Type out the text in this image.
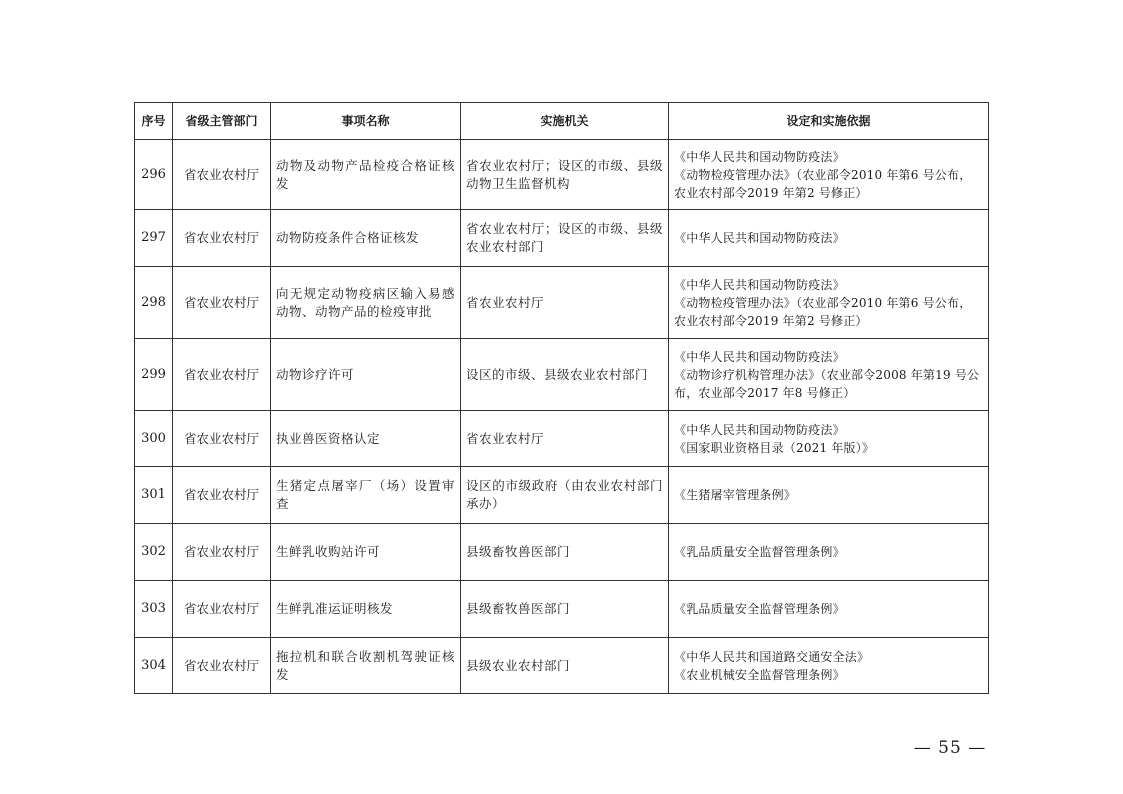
序号	省级主管部门	事项名称	实施机关	设定和实施依据
296	省农业农村厅	动物及动物产品检疫合格证核发	省农业农村厅；设区的市级、县级动物卫生监督机构	《中华人民共和国动物防疫法》
《动物检疫管理办法》（农业部令2010 年第6 号公布，农业农村部令2019 年第2 号修正）

297	省农业农村厅	动物防疫条件合格证核发	省农业农村厅；设区的市级、县级农业农村部门	《中华人民共和国动物防疫法》

298	省农业农村厅	向无规定动物疫病区输入易感动物、动物产品的检疫审批	省农业农村厅	《中华人民共和国动物防疫法》
《动物检疫管理办法》（农业部令2010 年第6 号公布，农业农村部令2019 年第2 号修正）

299	省农业农村厅	动物诊疗许可	设区的市级、县级农业农村部门	《中华人民共和国动物防疫法》
《动物诊疗机构管理办法》（农业部令2008 年第19 号公布，农业部令2017 年8 号修正）

300	省农业农村厅	执业兽医资格认定	省农业农村厅	《中华人民共和国动物防疫法》
《国家职业资格目录（2021 年版）》

301	省农业农村厅	生猪定点屠宰厂（场）设置审查	设区的市级政府（由农业农村部门承办）	《生猪屠宰管理条例》

302	省农业农村厅	生鲜乳收购站许可	县级畜牧兽医部门	《乳品质量安全监督管理条例》

303	省农业农村厅	生鲜乳准运证明核发	县级畜牧兽医部门	《乳品质量安全监督管理条例》

304	省农业农村厅	拖拉机和联合收割机驾驶证核发	县级农业农村部门	《中华人民共和国道路交通安全法》
《农业机械安全监督管理条例》
— 55 —
